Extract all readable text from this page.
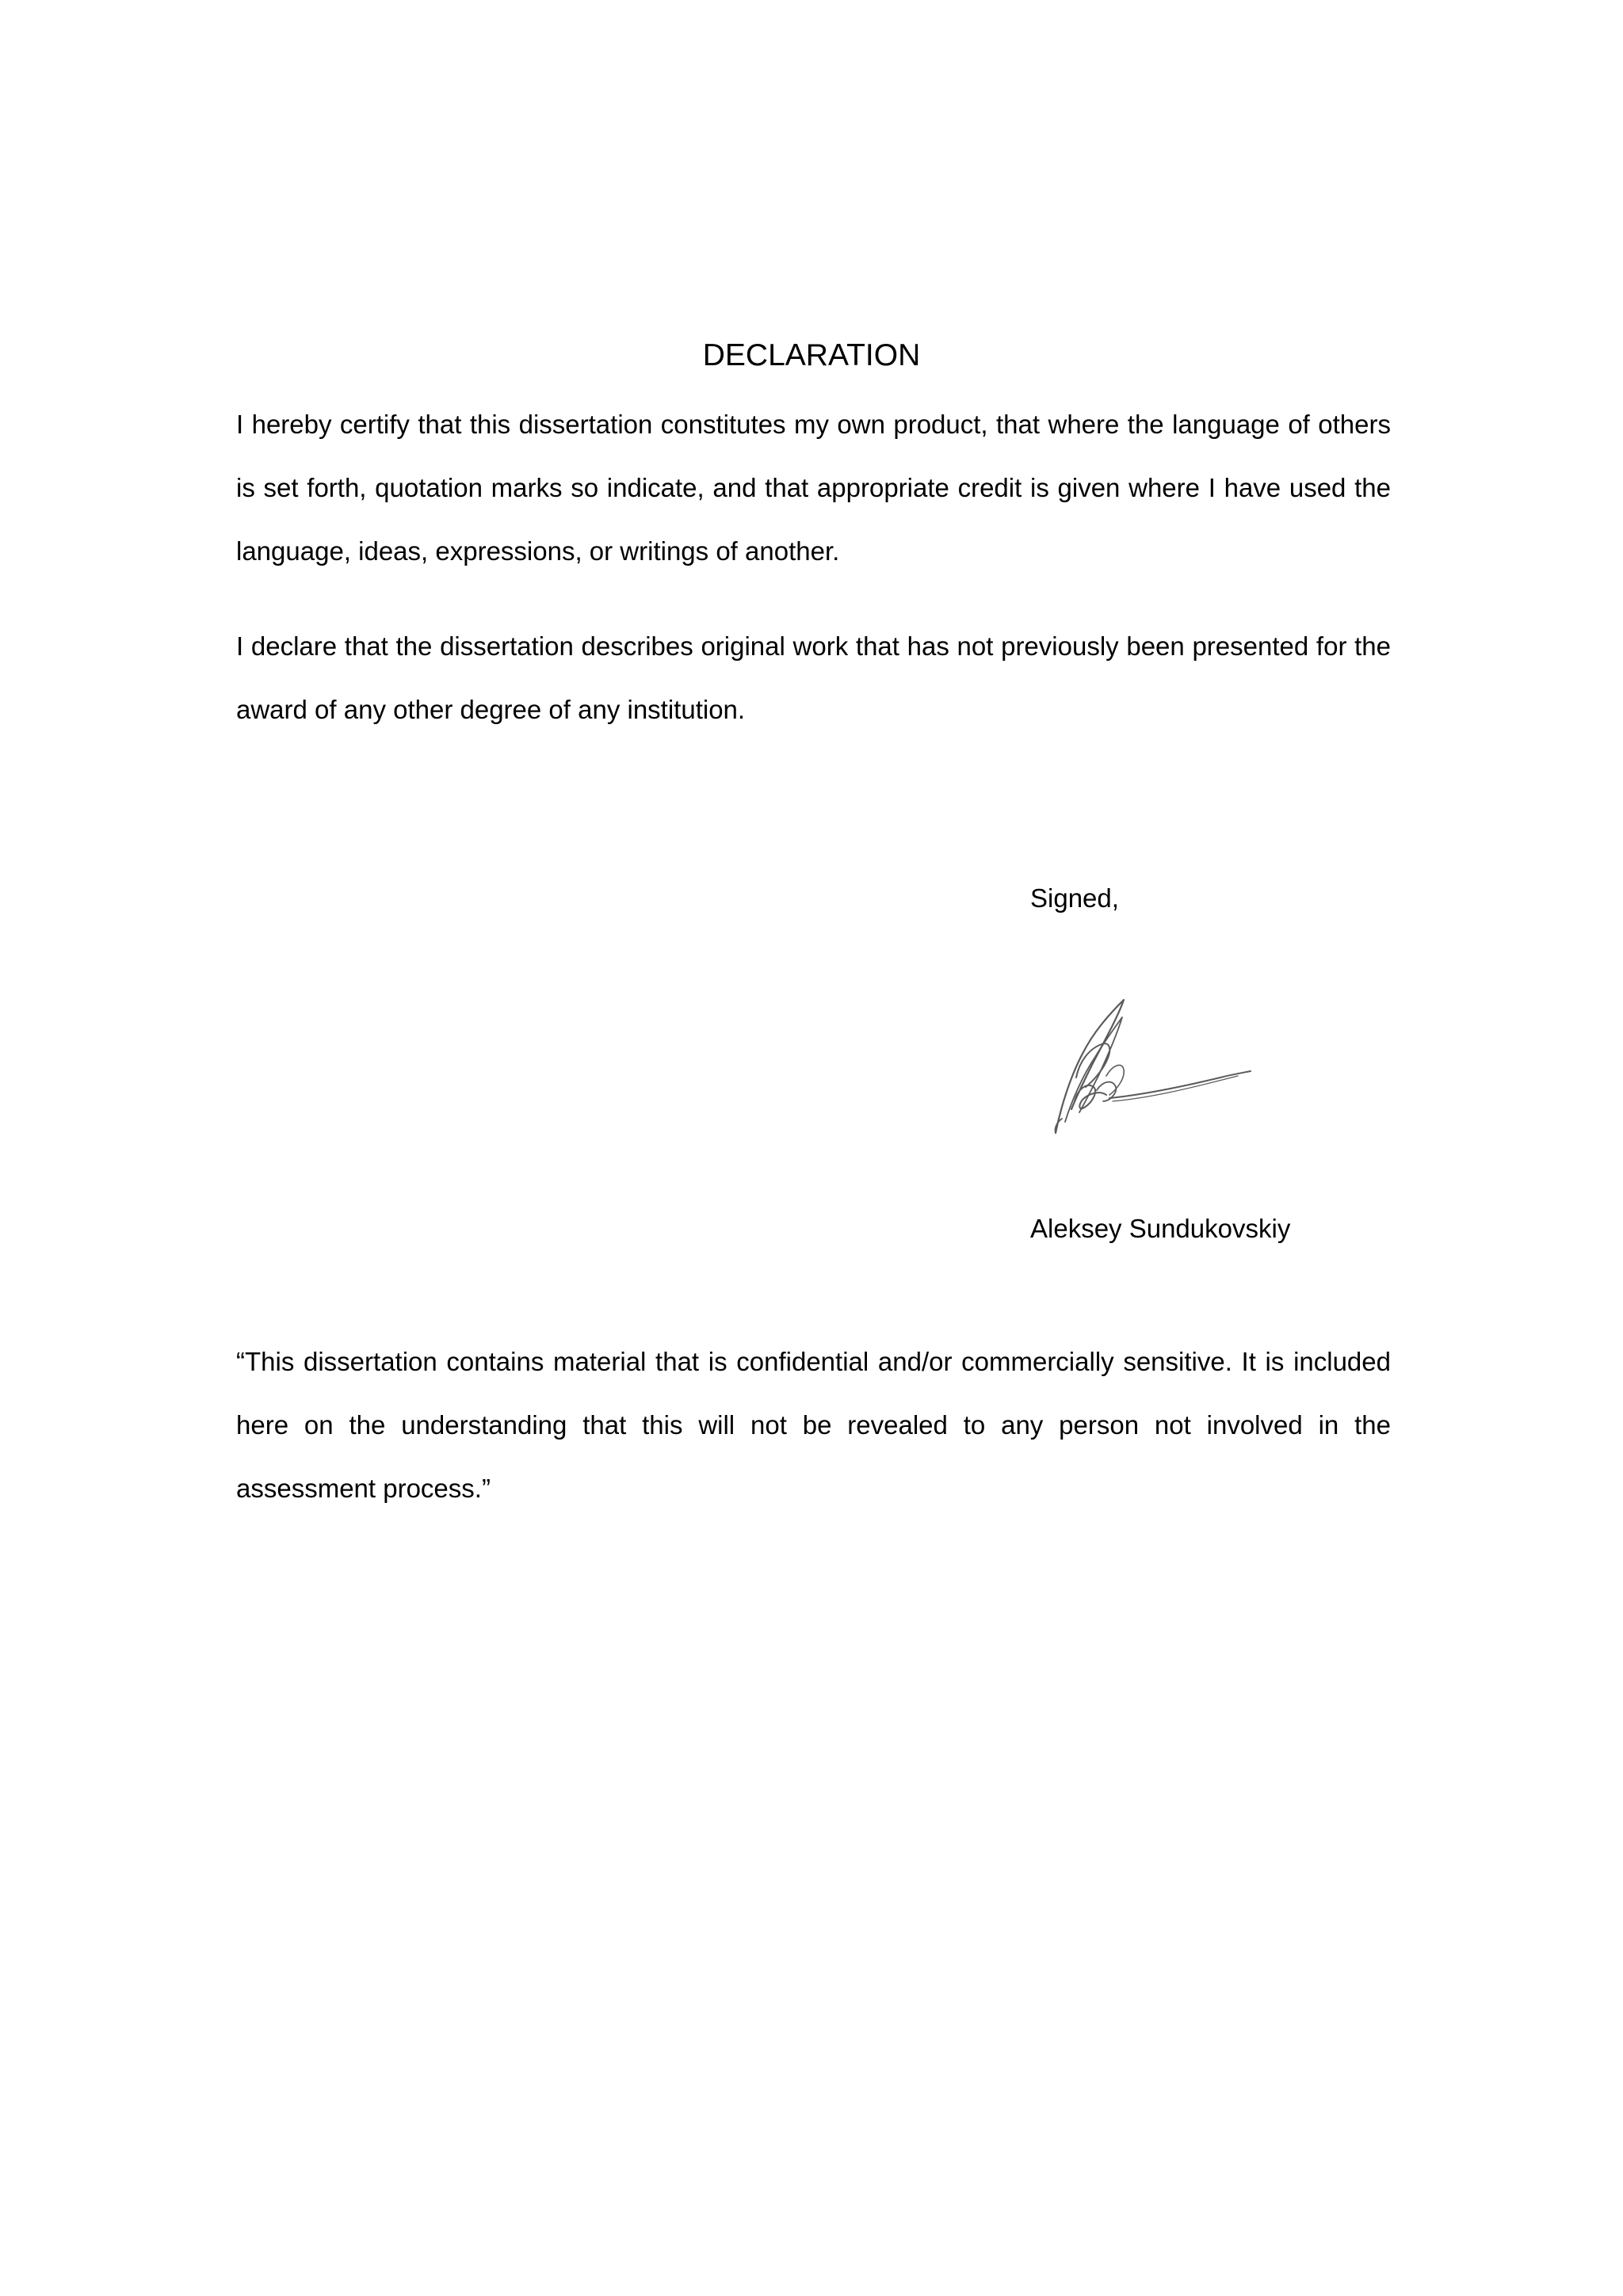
DECLARATION

I hereby certify that this dissertation constitutes my own product, that where the language of others is set forth, quotation marks so indicate, and that appropriate credit is given where I have used the language, ideas, expressions, or writings of another.

I declare that the dissertation describes original work that has not previously been presented for the award of any other degree of any institution.

Signed,

Aleksey Sundukovskiy

“This dissertation contains material that is confidential and/or commercially sensitive. It is included here on the understanding that this will not be revealed to any person not involved in the assessment process.”
